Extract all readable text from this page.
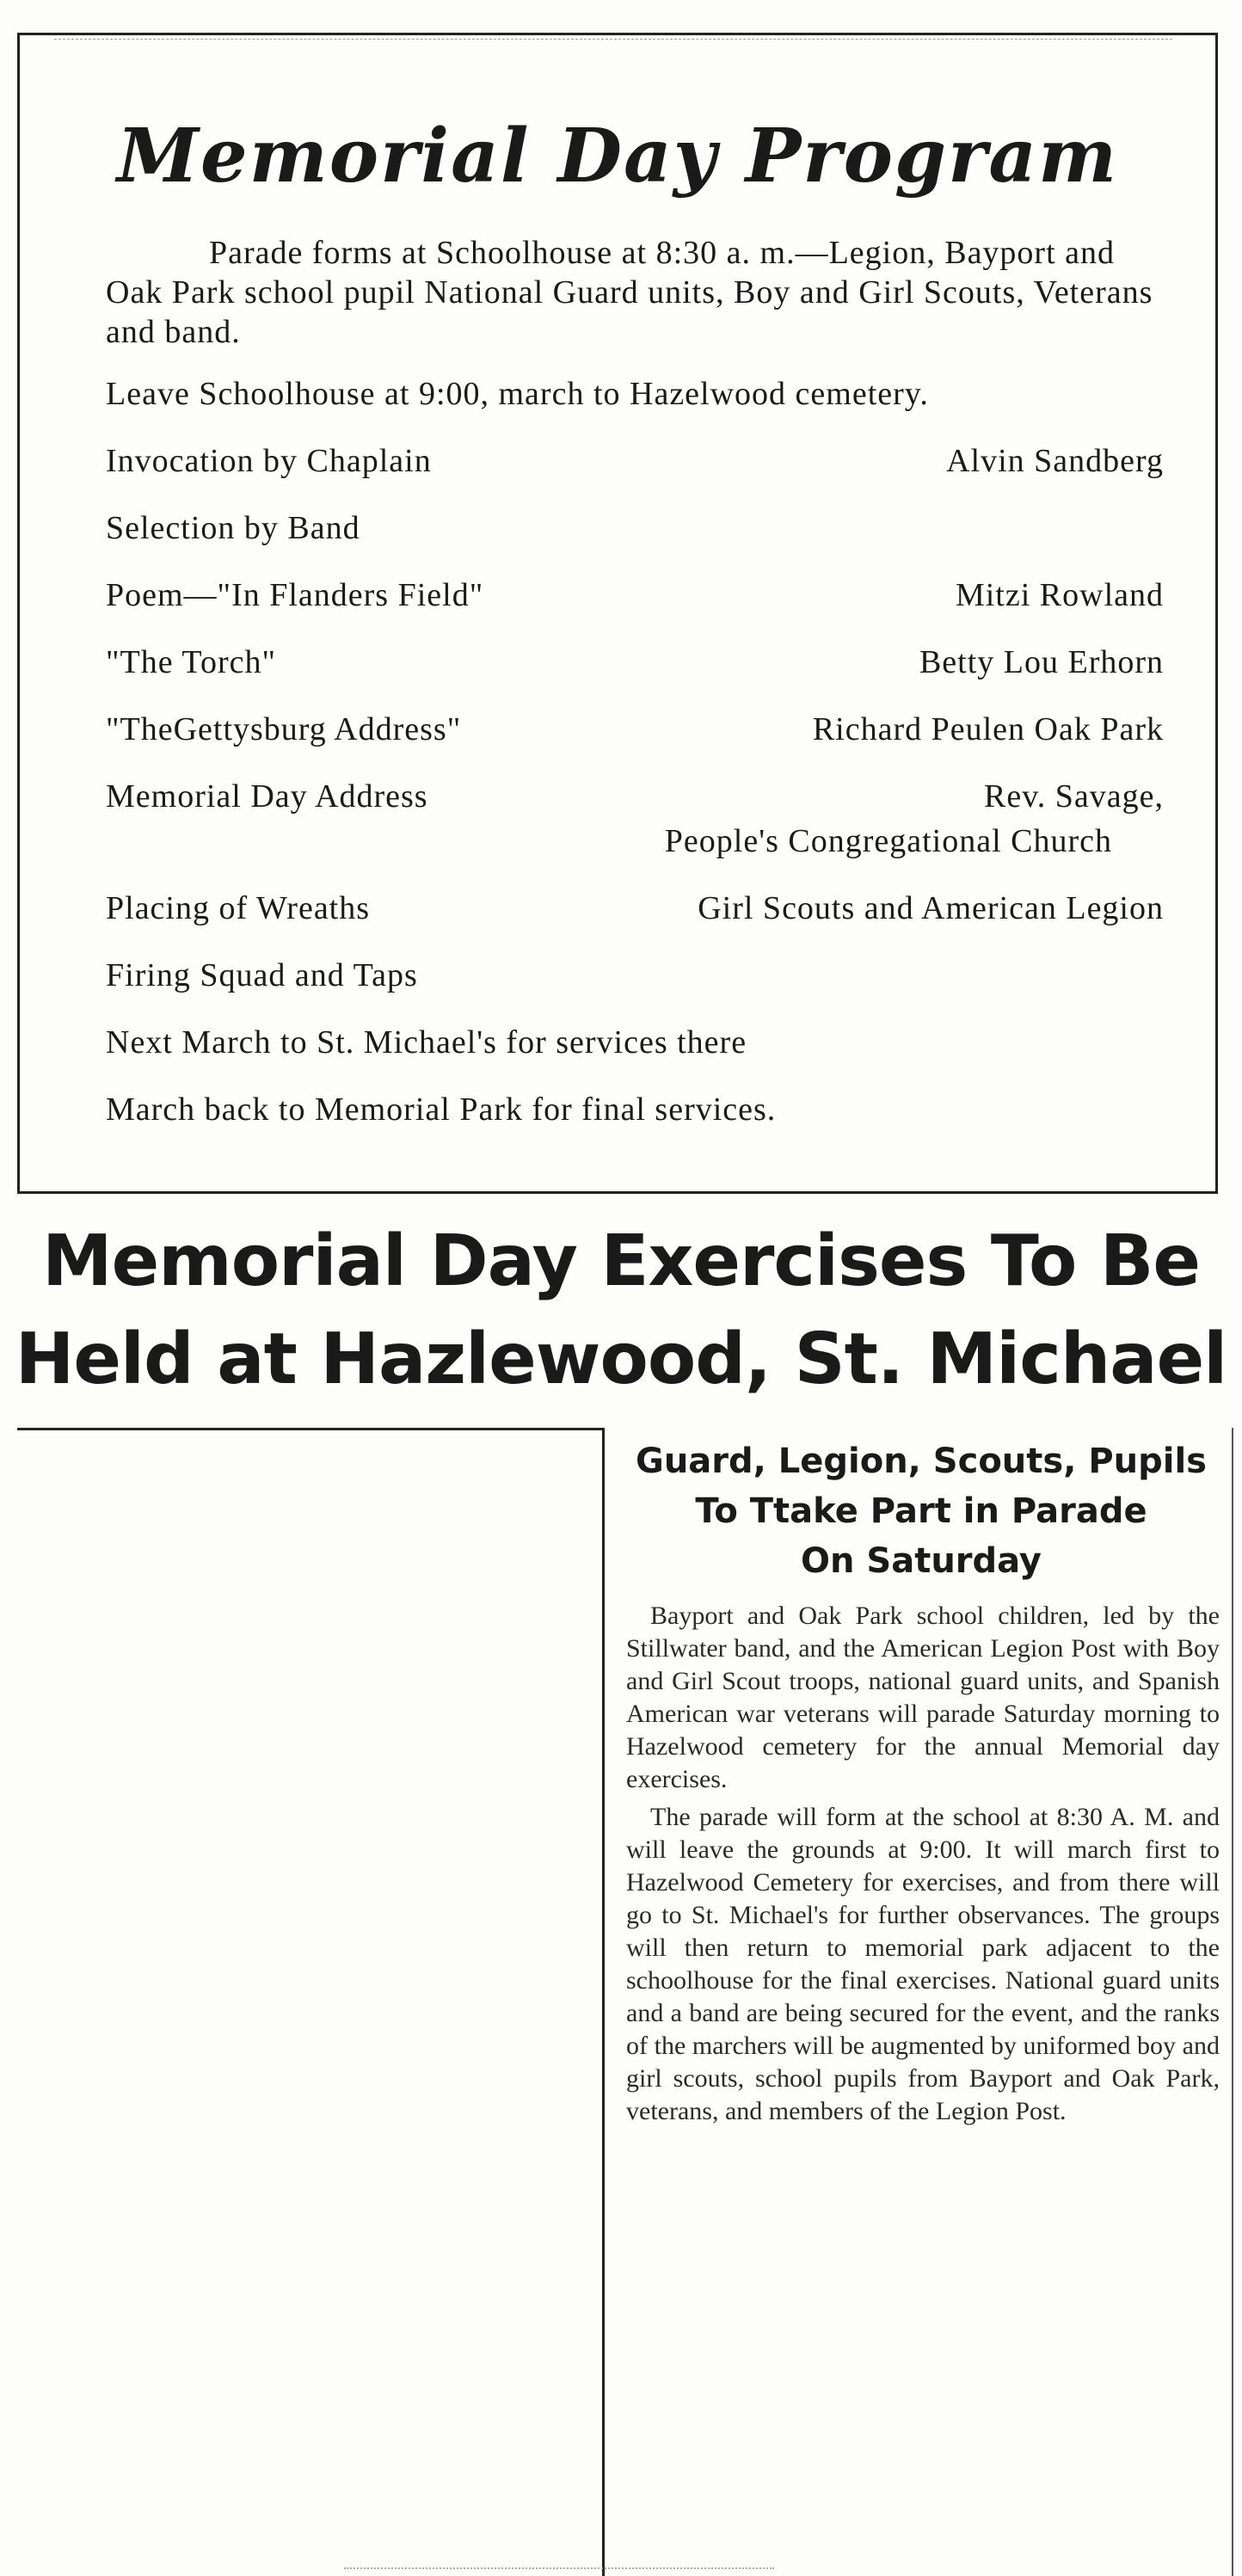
Memorial Day Program
Parade forms at Schoolhouse at 8:30 a. m.—Legion, Bayport and Oak Park school pupil National Guard units, Boy and Girl Scouts, Veterans and band.
Leave Schoolhouse at 9:00, march to Hazelwood cemetery.
Invocation by Chaplain	Alvin Sandberg
Selection by Band
Poem—"In Flanders Field"	Mitzi Rowland
"The Torch"	Betty Lou Erhorn
"TheGettysburg Address"	Richard Peulen Oak Park
Memorial Day Address	Rev. Savage,
People's Congregational Church
Placing of Wreaths	Girl Scouts and American Legion
Firing Squad and Taps
Next March to St. Michael's for services there
March back to Memorial Park for final services.
Memorial Day Exercises To Be
Held at Hazlewood, St. Michael
Guard, Legion, Scouts, Pupils
To Ttake Part in Parade
On Saturday

Bayport and Oak Park school children, led by the Stillwater band, and the American Legion Post with Boy and Girl Scout troops, national guard units, and Spanish American war veterans will parade Saturday morning to Hazelwood cemetery for the annual Memorial day exercises.

The parade will form at the school at 8:30 A. M. and will leave the grounds at 9:00. It will march first to Hazelwood Cemetery for exercises, and from there will go to St. Michael's for further observances. The groups will then return to memorial park adjacent to the schoolhouse for the final exercises. National guard units and a band are being secured for the event, and the ranks of the marchers will be augmented by uniformed boy and girl scouts, school pupils from Bayport and Oak Park, veterans, and members of the Legion Post.
